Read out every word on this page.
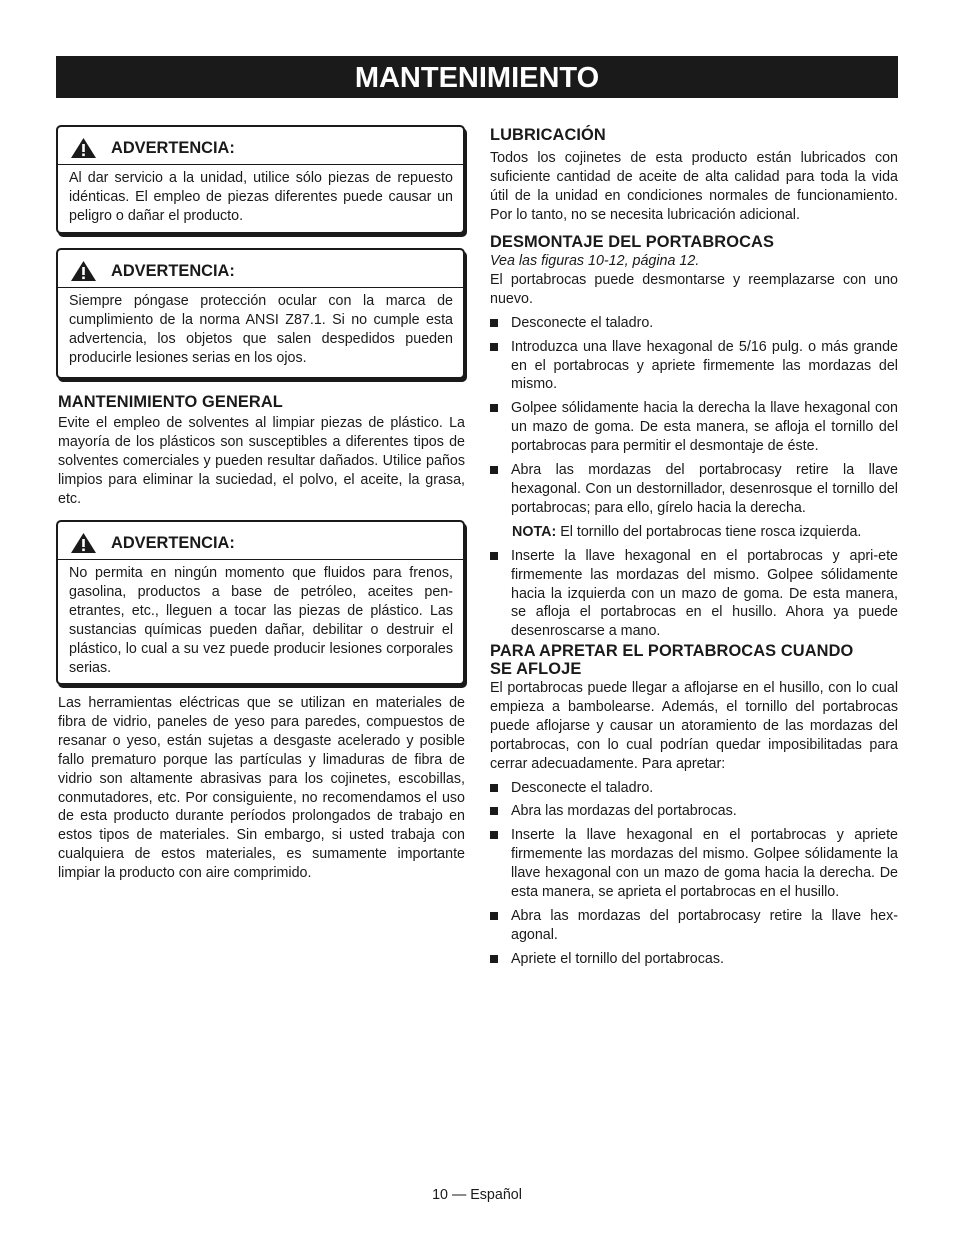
MANTENIMIENTO
ADVERTENCIA:

Al dar servicio a la unidad, utilice sólo piezas de repuesto idénticas. El empleo de piezas diferentes puede causar un peligro o dañar el producto.

ADVERTENCIA:

Siempre póngase protección ocular con la marca de cumplimiento de la norma ANSI Z87.1. Si no cumple esta advertencia, los objetos que salen despedidos pueden producirle lesiones serias en los ojos.

MANTENIMIENTO GENERAL

Evite el empleo de solventes al limpiar piezas de plástico. La mayoría de los plásticos son susceptibles a diferentes tipos de solventes comerciales y pueden resultar dañados. Utilice paños limpios para eliminar la suciedad, el polvo, el aceite, la grasa, etc.

ADVERTENCIA:

No permita en ningún momento que fluidos para frenos, gasolina, productos a base de petróleo, aceites pen-etrantes, etc., lleguen a tocar las piezas de plástico. Las sustancias químicas pueden dañar, debilitar o destruir el plástico, lo cual a su vez puede producir lesiones corporales serias.

Las herramientas eléctricas que se utilizan en materiales de fibra de vidrio, paneles de yeso para paredes, compuestos de resanar o yeso, están sujetas a desgaste acelerado y posible fallo prematuro porque las partículas y limaduras de fibra de vidrio son altamente abrasivas para los cojinetes, escobillas, conmutadores, etc. Por consiguiente, no recomendamos el uso de esta producto durante períodos prolongados de trabajo en estos tipos de materiales. Sin embargo, si usted trabaja con cualquiera de estos materiales, es sumamente importante limpiar la producto con aire comprimido.

LUBRICACIÓN

Todos los cojinetes de esta producto están lubricados con suficiente cantidad de aceite de alta calidad para toda la vida útil de la unidad en condiciones normales de funcionamiento. Por lo tanto, no se necesita lubricación adicional.

DESMONTAJE DEL PORTABROCAS

Vea las figuras 10-12, página 12.

El portabrocas puede desmontarse y reemplazarse con uno nuevo.

Desconecte el taladro.
Introduzca una llave hexagonal de 5/16 pulg. o más grande en el portabrocas y apriete firmemente las mordazas del mismo.
Golpee sólidamente hacia la derecha la llave hexagonal con un mazo de goma. De esta manera, se afloja el tornillo del portabrocas para permitir el desmontaje de éste.
Abra las mordazas del portabrocasy retire la llave hexagonal. Con un destornillador, desenrosque el tornillo del portabrocas; para ello, gírelo hacia la derecha.

NOTA: El tornillo del portabrocas tiene rosca izquierda.

Inserte la llave hexagonal en el portabrocas y apri-ete firmemente las mordazas del mismo. Golpee sólidamente hacia la izquierda con un mazo de goma. De esta manera, se afloja el portabrocas en el husillo. Ahora ya puede desenroscarse a mano.
PARA APRETAR EL PORTABROCAS CUANDO
SE AFLOJE

El portabrocas puede llegar a aflojarse en el husillo, con lo cual empieza a bambolearse. Además, el tornillo del portabrocas puede aflojarse y causar un atoramiento de las mordazas del portabrocas, con lo cual podrían quedar imposibilitadas para cerrar adecuadamente. Para apretar:

Desconecte el taladro.
Abra las mordazas del portabrocas.
Inserte la llave hexagonal en el portabrocas y apriete firmemente las mordazas del mismo. Golpee sólidamente la llave hexagonal con un mazo de goma hacia la derecha. De esta manera, se aprieta el portabrocas en el husillo.
Abra las mordazas del portabrocasy retire la llave hex-agonal.
Apriete el tornillo del portabrocas.
10 — Español
